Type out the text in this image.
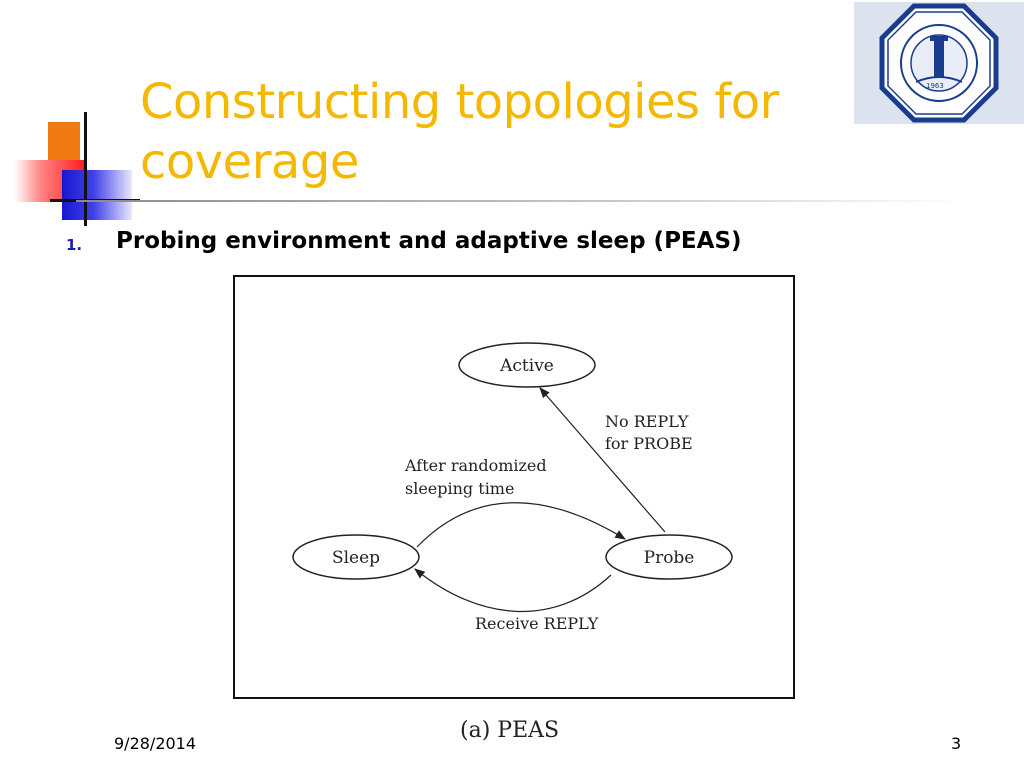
Constructing topologies for coverage
1963
1. Probing environment and adaptive sleep (PEAS)
Active
Sleep	Probe
No REPLY
for PROBE
After randomized
sleeping time
Receive REPLY
(a) PEAS
9/28/2014	3
